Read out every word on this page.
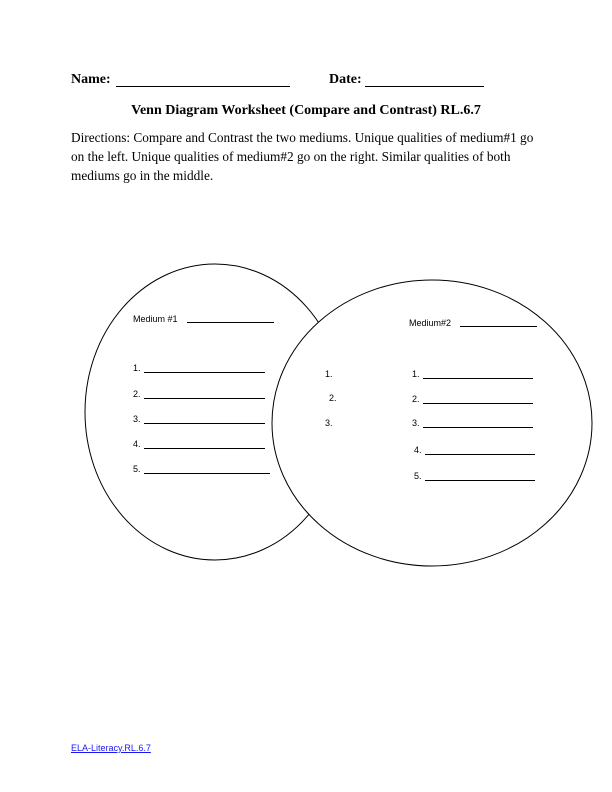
Name:	Date:
Venn Diagram Worksheet (Compare and Contrast) RL.6.7
Directions: Compare and Contrast the two mediums. Unique qualities of medium#1 go on the left. Unique qualities of medium#2 go on the right. Similar qualities of both mediums go in the middle.
Medium #1
1.
2.
3.
4.
5.
1.
2.
3.
Medium#2
1.
2.
3.
4.
5.
ELA-Literacy.RL.6.7
